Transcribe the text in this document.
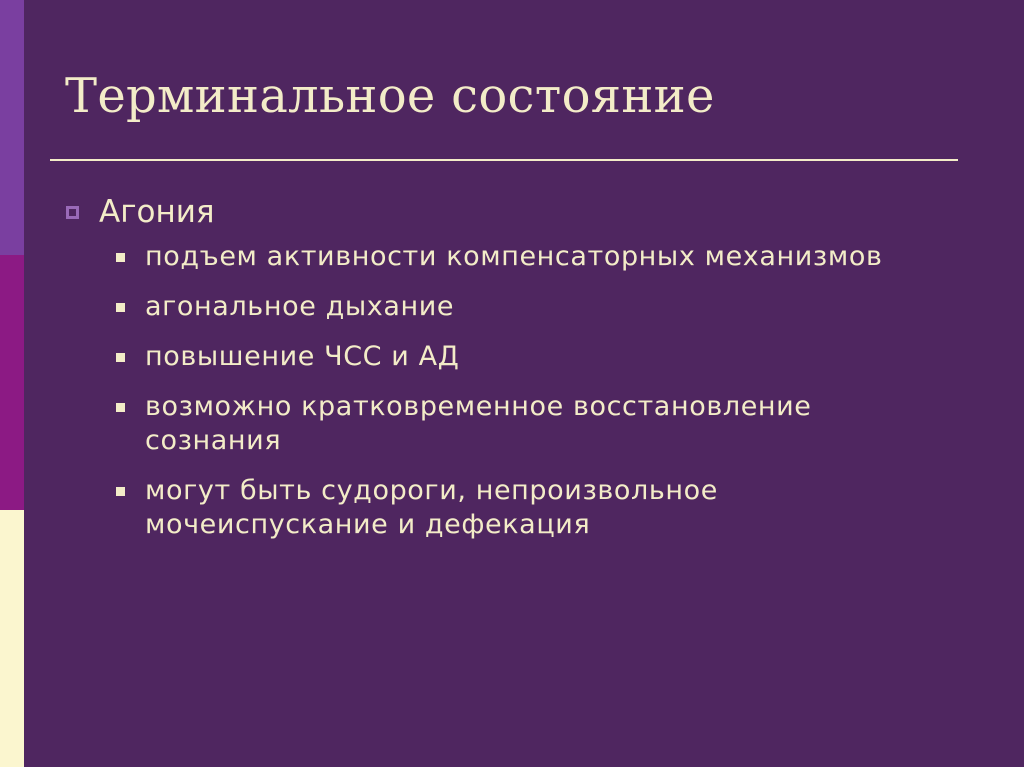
Терминальное состояние
Агония
подъем активности компенсаторных механизмов
агональное дыхание
повышение ЧСС и АД
возможно кратковременное восстановление сознания
могут быть судороги, непроизвольное мочеиспускание и дефекация
